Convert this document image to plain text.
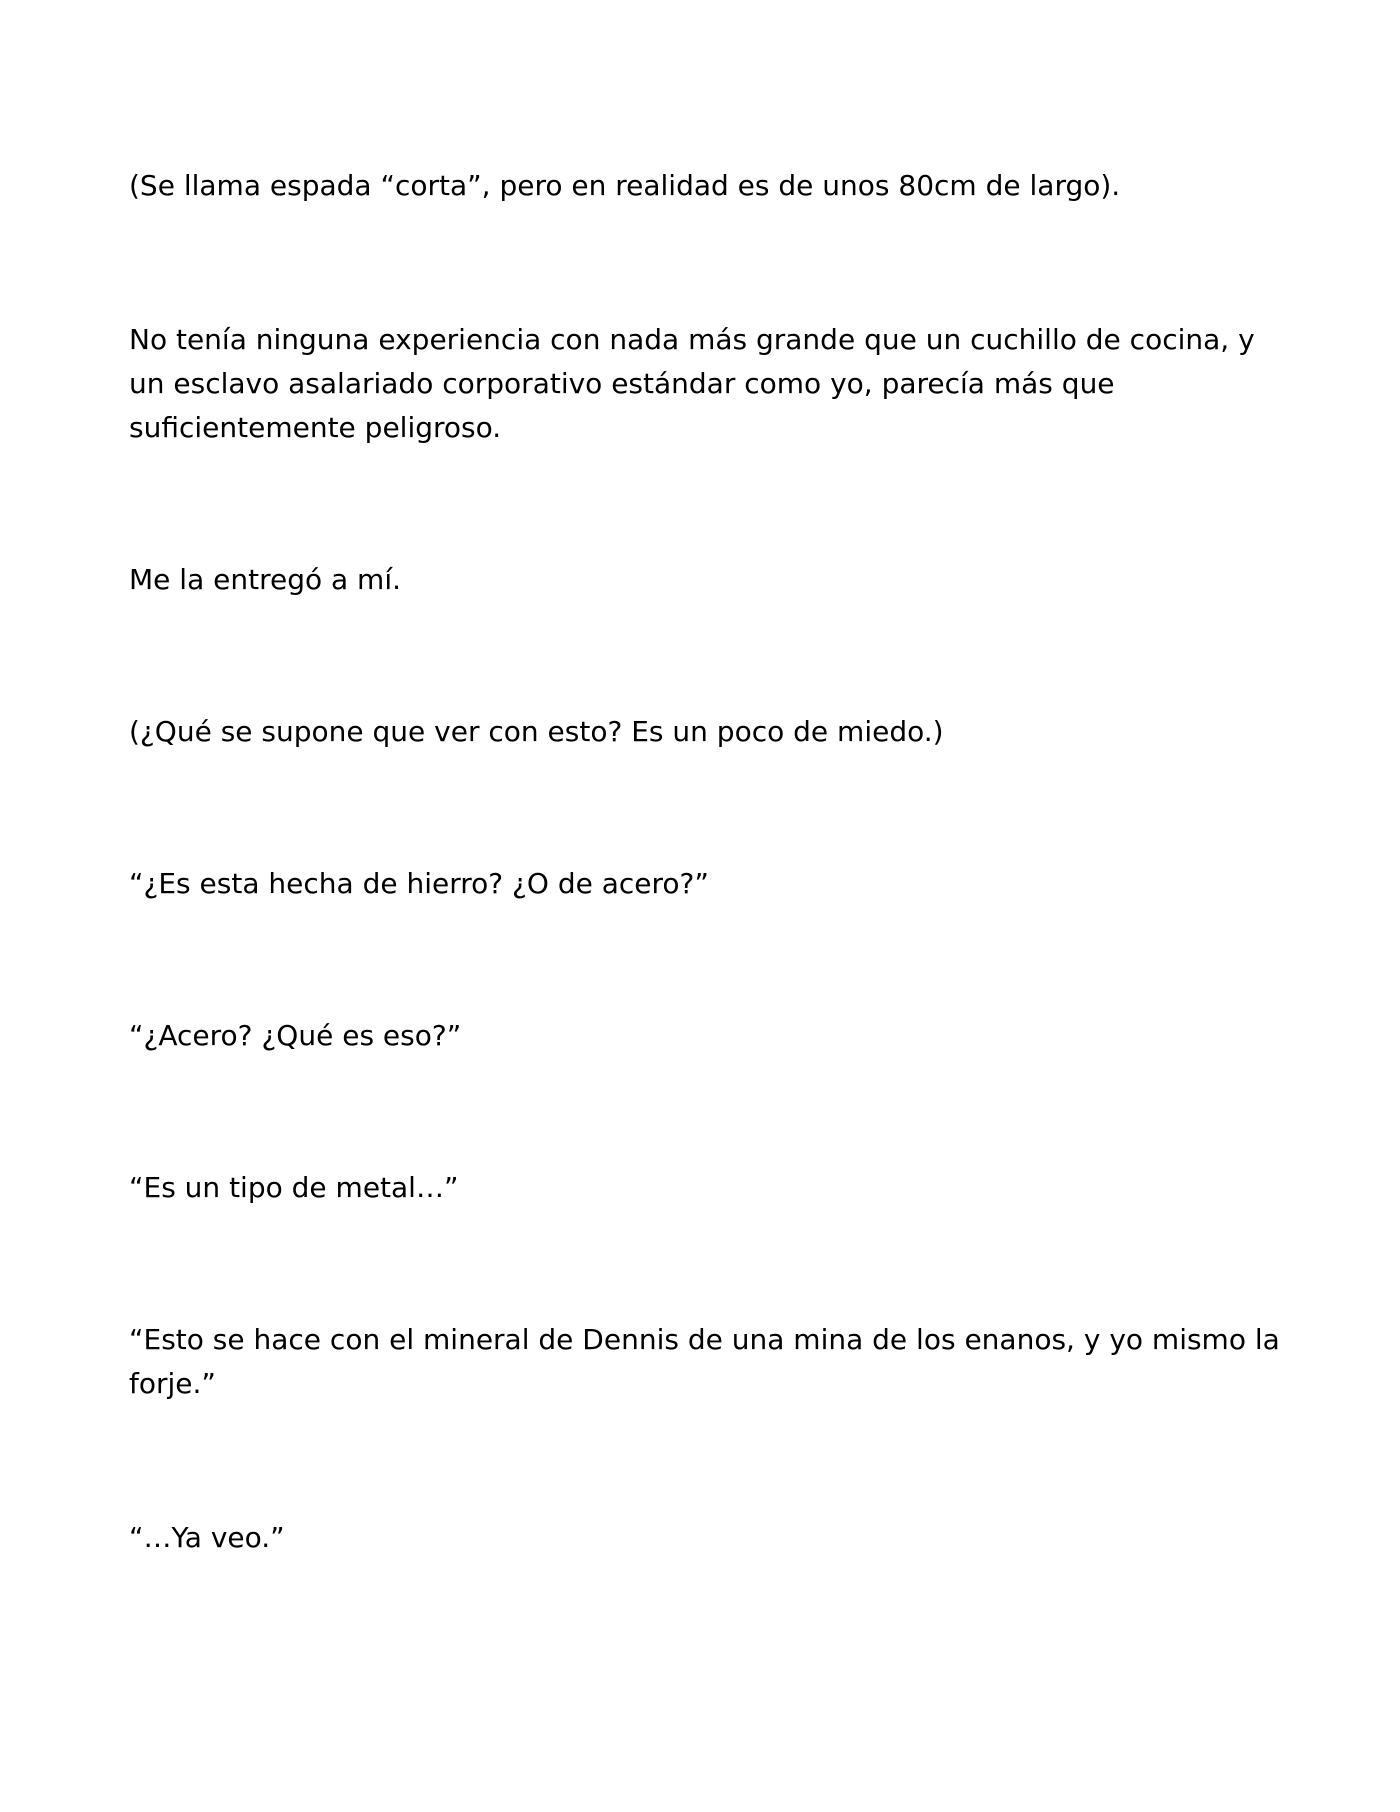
(Se llama espada “corta”, pero en realidad es de unos 80cm de largo).

No tenía ninguna experiencia con nada más grande que un cuchillo de cocina, y un esclavo asalariado corporativo estándar como yo, parecía más que suficientemente peligroso.

Me la entregó a mí.

(¿Qué se supone que ver con esto? Es un poco de miedo.)

“¿Es esta hecha de hierro? ¿O de acero?”

“¿Acero? ¿Qué es eso?”

“Es un tipo de metal…”

“Esto se hace con el mineral de Dennis de una mina de los enanos, y yo mismo la forje.”

“…Ya veo.”
